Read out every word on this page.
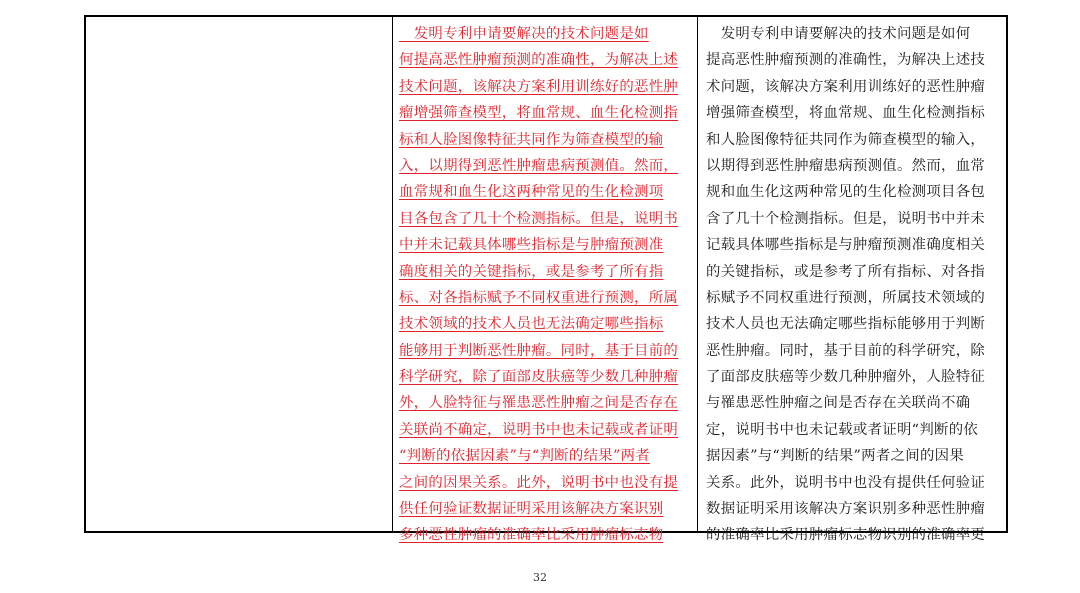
　发明专利申请要解决的技术问题是如
何提高恶性肿瘤预测的准确性，为解决上述
技术问题，该解决方案利用训练好的恶性肿
瘤增强筛查模型，将血常规、血生化检测指
标和人脸图像特征共同作为筛查模型的输
入，以期得到恶性肿瘤患病预测值。然而，
血常规和血生化这两种常见的生化检测项
目各包含了几十个检测指标。但是，说明书
中并未记载具体哪些指标是与肿瘤预测准
确度相关的关键指标，或是参考了所有指
标、对各指标赋予不同权重进行预测，所属
技术领域的技术人员也无法确定哪些指标
能够用于判断恶性肿瘤。同时，基于目前的
科学研究，除了面部皮肤癌等少数几种肿瘤
外，人脸特征与罹患恶性肿瘤之间是否存在
关联尚不确定，说明书中也未记载或者证明
“判断的依据因素”与“判断的结果”两者
之间的因果关系。此外，说明书中也没有提
供任何验证数据证明采用该解决方案识别
多种恶性肿瘤的准确率比采用肿瘤标志物
　发明专利申请要解决的技术问题是如何
提高恶性肿瘤预测的准确性，为解决上述技
术问题，该解决方案利用训练好的恶性肿瘤
增强筛查模型，将血常规、血生化检测指标
和人脸图像特征共同作为筛查模型的输入，
以期得到恶性肿瘤患病预测值。然而，血常
规和血生化这两种常见的生化检测项目各包
含了几十个检测指标。但是，说明书中并未
记载具体哪些指标是与肿瘤预测准确度相关
的关键指标，或是参考了所有指标、对各指
标赋予不同权重进行预测，所属技术领域的
技术人员也无法确定哪些指标能够用于判断
恶性肿瘤。同时，基于目前的科学研究，除
了面部皮肤癌等少数几种肿瘤外，人脸特征
与罹患恶性肿瘤之间是否存在关联尚不确
定，说明书中也未记载或者证明“判断的依
据因素”与“判断的结果”两者之间的因果
关系。此外，说明书中也没有提供任何验证
数据证明采用该解决方案识别多种恶性肿瘤
的准确率比采用肿瘤标志物识别的准确率更
32
